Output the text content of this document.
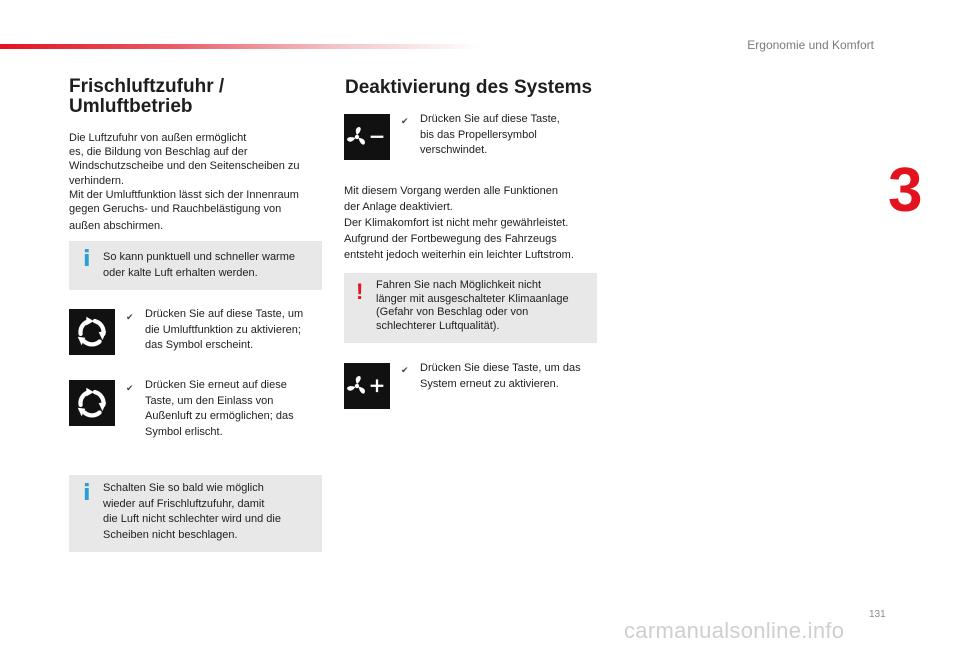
Ergonomie und Komfort
3
Frischluftzufuhr /
Umluftbetrieb
Die Luftzufuhr von außen ermöglicht
es, die Bildung von Beschlag auf der
Windschutzscheibe und den Seitenscheiben zu
verhindern.
Mit der Umluftfunktion lässt sich der Innenraum
gegen Geruchs- und Rauchbelästigung von
außen abschirmen.
i So kann punktuell und schneller warme
oder kalte Luft erhalten werden.
✔ Drücken Sie auf diese Taste, um
die Umluftfunktion zu aktivieren;
das Symbol erscheint.
✔ Drücken Sie erneut auf diese
Taste, um den Einlass von
Außenluft zu ermöglichen; das
Symbol erlischt.
i Schalten Sie so bald wie möglich
wieder auf Frischluftzufuhr, damit
die Luft nicht schlechter wird und die
Scheiben nicht beschlagen.
Deaktivierung des Systems
✔ Drücken Sie auf diese Taste,
bis das Propellersymbol
verschwindet.
Mit diesem Vorgang werden alle Funktionen
der Anlage deaktiviert.
Der Klimakomfort ist nicht mehr gewährleistet.
Aufgrund der Fortbewegung des Fahrzeugs
entsteht jedoch weiterhin ein leichter Luftstrom.
! Fahren Sie nach Möglichkeit nicht
länger mit ausgeschalteter Klimaanlage
(Gefahr von Beschlag oder von
schlechterer Luftqualität).
✔ Drücken Sie diese Taste, um das
System erneut zu aktivieren.
131
carmanualsonline.info
